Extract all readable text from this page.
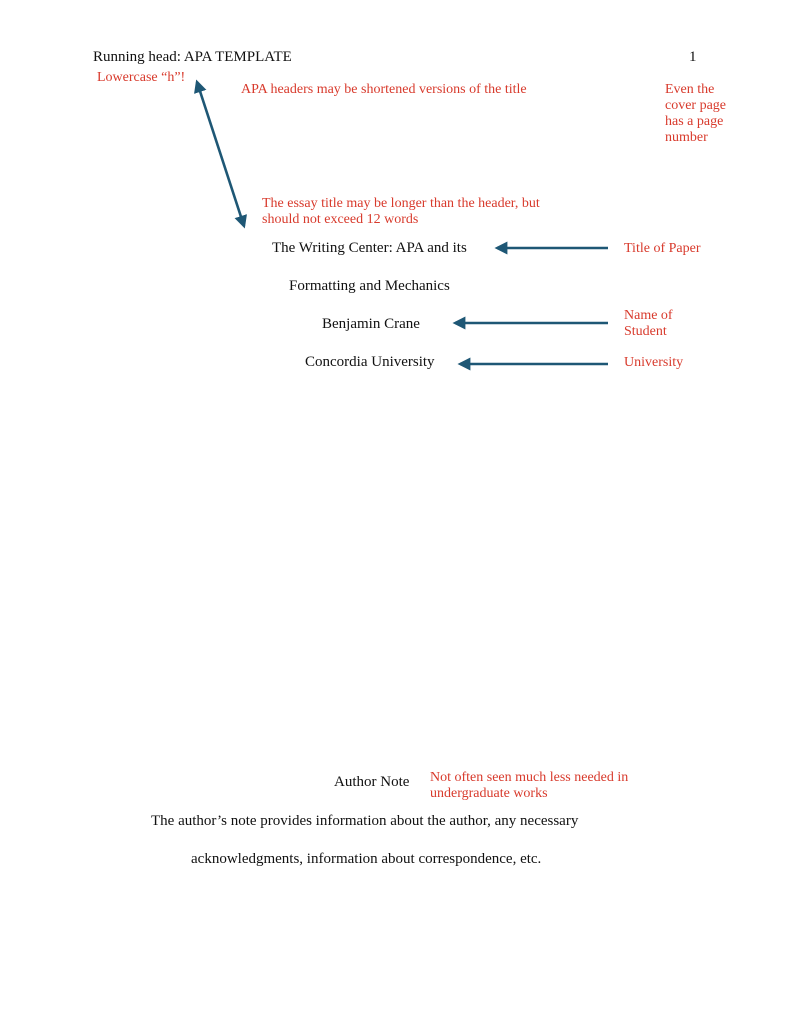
Running head: APA TEMPLATE	1
Lowercase “h”!
APA headers may be shortened versions of the title	Even the
cover page
has a page
number
The essay title may be longer than the header, but
should not exceed 12 words
The Writing Center: APA and its
Formatting and Mechanics
Benjamin Crane
Concordia University
Title of Paper
Name of
Student
University
Author Note Not often seen much less needed in
undergraduate works
The author’s note provides information about the author, any necessary
acknowledgments, information about correspondence, etc.
